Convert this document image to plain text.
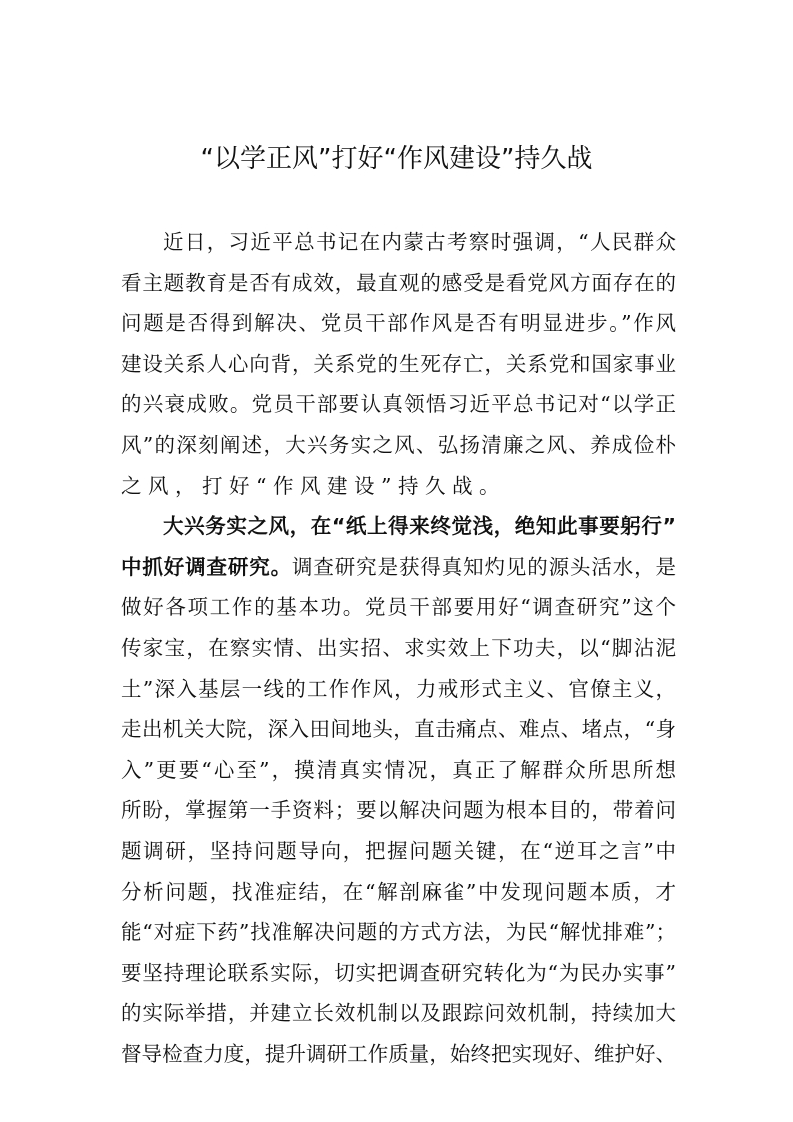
“以学正风”打好“作风建设”持久战
近日，习近平总书记在内蒙古考察时强调，“人民群众
看主题教育是否有成效，最直观的感受是看党风方面存在的
问题是否得到解决、党员干部作风是否有明显进步。”作风
建设关系人心向背，关系党的生死存亡，关系党和国家事业
的兴衰成败。党员干部要认真领悟习近平总书记对“以学正
风”的深刻阐述，大兴务实之风、弘扬清廉之风、养成俭朴
之风，打好“作风建设”持久战。
大兴务实之风，在“纸上得来终觉浅，绝知此事要躬行”
中抓好调查研究。调查研究是获得真知灼见的源头活水，是
做好各项工作的基本功。党员干部要用好“调查研究”这个
传家宝，在察实情、出实招、求实效上下功夫，以“脚沾泥
土”深入基层一线的工作作风，力戒形式主义、官僚主义，
走出机关大院，深入田间地头，直击痛点、难点、堵点，“身
入”更要“心至”，摸清真实情况，真正了解群众所思所想
所盼，掌握第一手资料；要以解决问题为根本目的，带着问
题调研，坚持问题导向，把握问题关键，在“逆耳之言”中
分析问题，找准症结，在“解剖麻雀”中发现问题本质，才
能“对症下药”找准解决问题的方式方法，为民“解忧排难”；
要坚持理论联系实际，切实把调查研究转化为“为民办实事”
的实际举措，并建立长效机制以及跟踪问效机制，持续加大
督导检查力度，提升调研工作质量，始终把实现好、维护好、
